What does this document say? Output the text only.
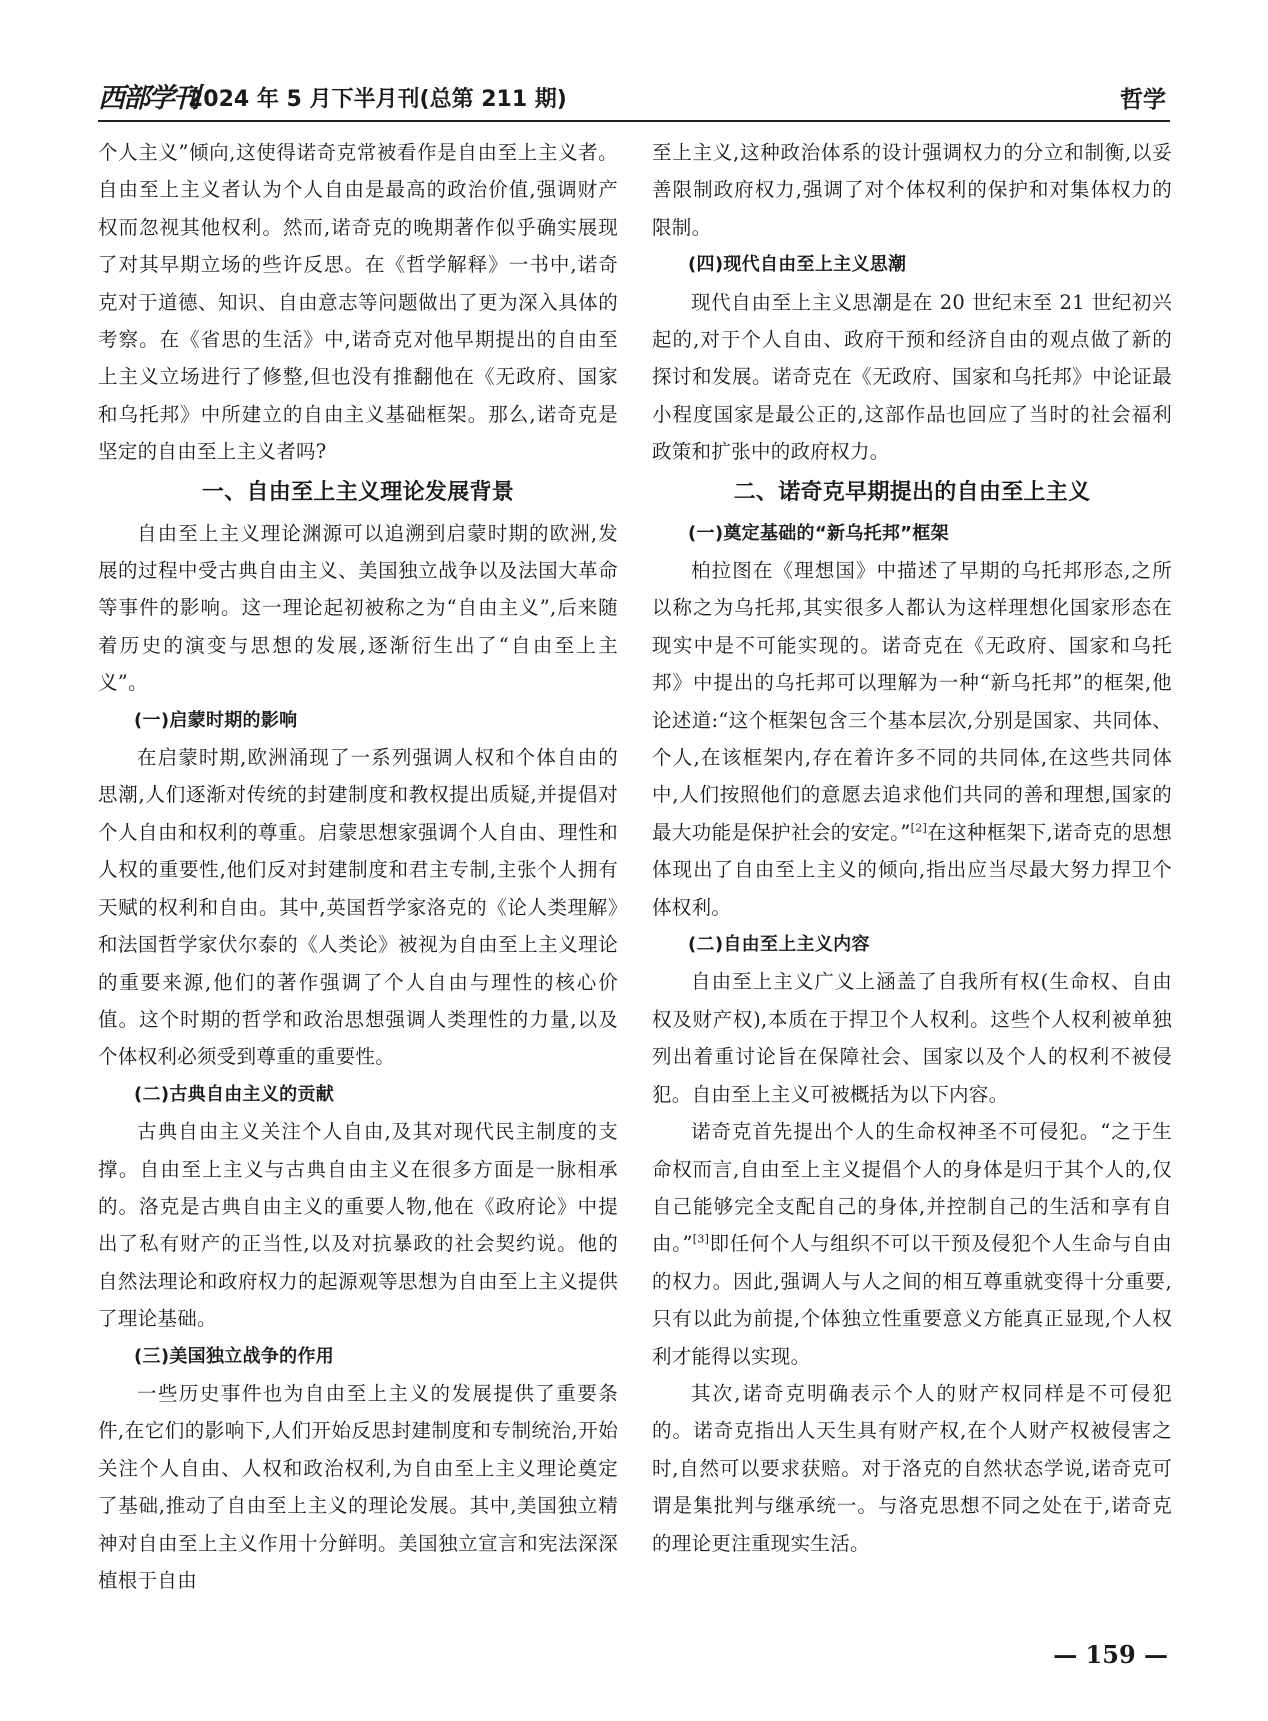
西部学刊
2024 年 5 月下半月刊(总第 211 期)	哲学

个人主义”倾向,这使得诺奇克常被看作是自由至上主义者。自由至上主义者认为个人自由是最高的政治价值,强调财产权而忽视其他权利。然而,诺奇克的晚期著作似乎确实展现了对其早期立场的些许反思。在《哲学解释》一书中,诺奇克对于道德、知识、自由意志等问题做出了更为深入具体的考察。在《省思的生活》中,诺奇克对他早期提出的自由至上主义立场进行了修整,但也没有推翻他在《无政府、国家和乌托邦》中所建立的自由主义基础框架。那么,诺奇克是坚定的自由至上主义者吗?

一、自由至上主义理论发展背景

自由至上主义理论渊源可以追溯到启蒙时期的欧洲,发展的过程中受古典自由主义、美国独立战争以及法国大革命等事件的影响。这一理论起初被称之为“自由主义”,后来随着历史的演变与思想的发展,逐渐衍生出了“自由至上主义”。

(一)启蒙时期的影响

在启蒙时期,欧洲涌现了一系列强调人权和个体自由的思潮,人们逐渐对传统的封建制度和教权提出质疑,并提倡对个人自由和权利的尊重。启蒙思想家强调个人自由、理性和人权的重要性,他们反对封建制度和君主专制,主张个人拥有天赋的权利和自由。其中,英国哲学家洛克的《论人类理解》和法国哲学家伏尔泰的《人类论》被视为自由至上主义理论的重要来源,他们的著作强调了个人自由与理性的核心价值。这个时期的哲学和政治思想强调人类理性的力量,以及个体权利必须受到尊重的重要性。

(二)古典自由主义的贡献

古典自由主义关注个人自由,及其对现代民主制度的支撑。自由至上主义与古典自由主义在很多方面是一脉相承的。洛克是古典自由主义的重要人物,他在《政府论》中提出了私有财产的正当性,以及对抗暴政的社会契约说。他的自然法理论和政府权力的起源观等思想为自由至上主义提供了理论基础。

(三)美国独立战争的作用

一些历史事件也为自由至上主义的发展提供了重要条件,在它们的影响下,人们开始反思封建制度和专制统治,开始关注个人自由、人权和政治权利,为自由至上主义理论奠定了基础,推动了自由至上主义的理论发展。其中,美国独立精神对自由至上主义作用十分鲜明。美国独立宣言和宪法深深植根于自由

至上主义,这种政治体系的设计强调权力的分立和制衡,以妥善限制政府权力,强调了对个体权利的保护和对集体权力的限制。

(四)现代自由至上主义思潮

现代自由至上主义思潮是在 20 世纪末至 21 世纪初兴起的,对于个人自由、政府干预和经济自由的观点做了新的探讨和发展。诺奇克在《无政府、国家和乌托邦》中论证最小程度国家是最公正的,这部作品也回应了当时的社会福利政策和扩张中的政府权力。

二、诺奇克早期提出的自由至上主义
(一)奠定基础的“新乌托邦”框架

柏拉图在《理想国》中描述了早期的乌托邦形态,之所以称之为乌托邦,其实很多人都认为这样理想化国家形态在现实中是不可能实现的。诺奇克在《无政府、国家和乌托邦》中提出的乌托邦可以理解为一种“新乌托邦”的框架,他论述道:“这个框架包含三个基本层次,分别是国家、共同体、个人,在该框架内,存在着许多不同的共同体,在这些共同体中,人们按照他们的意愿去追求他们共同的善和理想,国家的最大功能是保护社会的安定。”[2]在这种框架下,诺奇克的思想体现出了自由至上主义的倾向,指出应当尽最大努力捍卫个体权利。

(二)自由至上主义内容

自由至上主义广义上涵盖了自我所有权(生命权、自由权及财产权),本质在于捍卫个人权利。这些个人权利被单独列出着重讨论旨在保障社会、国家以及个人的权利不被侵犯。自由至上主义可被概括为以下内容。

诺奇克首先提出个人的生命权神圣不可侵犯。“之于生命权而言,自由至上主义提倡个人的身体是归于其个人的,仅自己能够完全支配自己的身体,并控制自己的生活和享有自由。”[3]即任何个人与组织不可以干预及侵犯个人生命与自由的权力。因此,强调人与人之间的相互尊重就变得十分重要,只有以此为前提,个体独立性重要意义方能真正显现,个人权利才能得以实现。

其次,诺奇克明确表示个人的财产权同样是不可侵犯的。诺奇克指出人天生具有财产权,在个人财产权被侵害之时,自然可以要求获赔。对于洛克的自然状态学说,诺奇克可谓是集批判与继承统一。与洛克思想不同之处在于,诺奇克的理论更注重现实生活。

— 159 —
